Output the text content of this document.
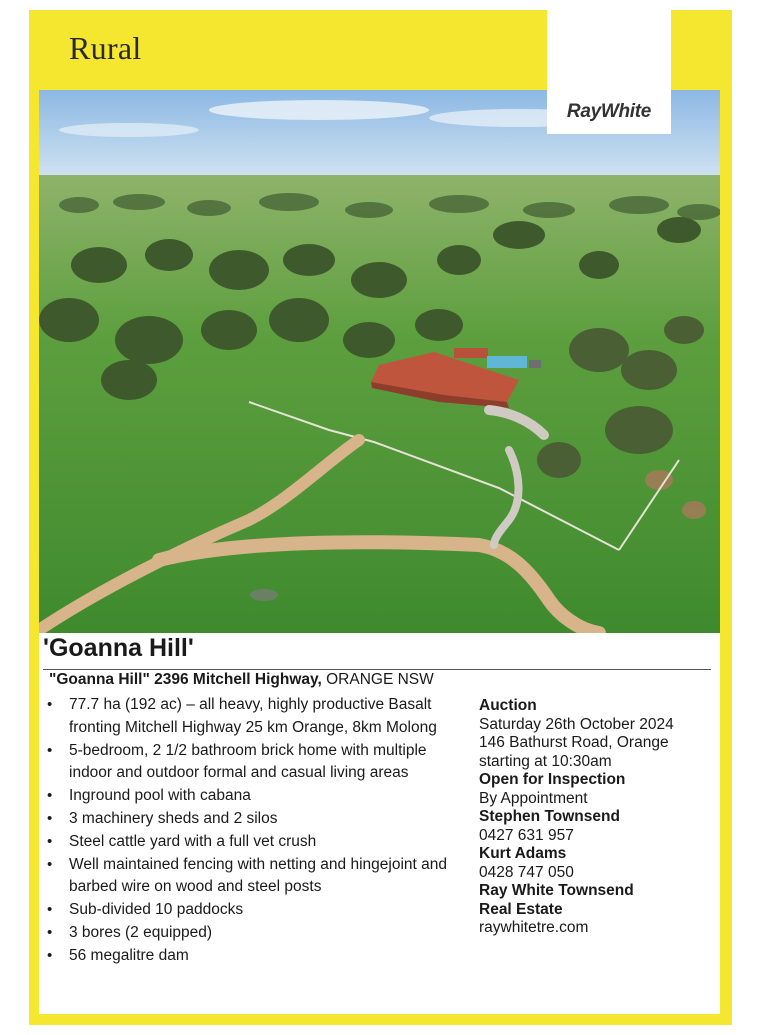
Rural
RayWhite
'Goanna Hill'
"Goanna Hill" 2396 Mitchell Highway, ORANGE NSW
• 77.7 ha (192 ac) – all heavy, highly productive Basalt fronting Mitchell Highway 25 km Orange, 8km Molong
• 5-bedroom, 2 1/2 bathroom brick home with multiple indoor and outdoor formal and casual living areas
• Inground pool with cabana
• 3 machinery sheds and 2 silos
• Steel cattle yard with a full vet crush
• Well maintained fencing with netting and hingejoint and barbed wire on wood and steel posts
• Sub-divided 10 paddocks
• 3 bores (2 equipped)
• 56 megalitre dam
Auction
Saturday 26th October 2024
146 Bathurst Road, Orange
starting at 10:30am
Open for Inspection
By Appointment
Stephen Townsend
0427 631 957
Kurt Adams
0428 747 050
Ray White Townsend
Real Estate
raywhitetre.com
